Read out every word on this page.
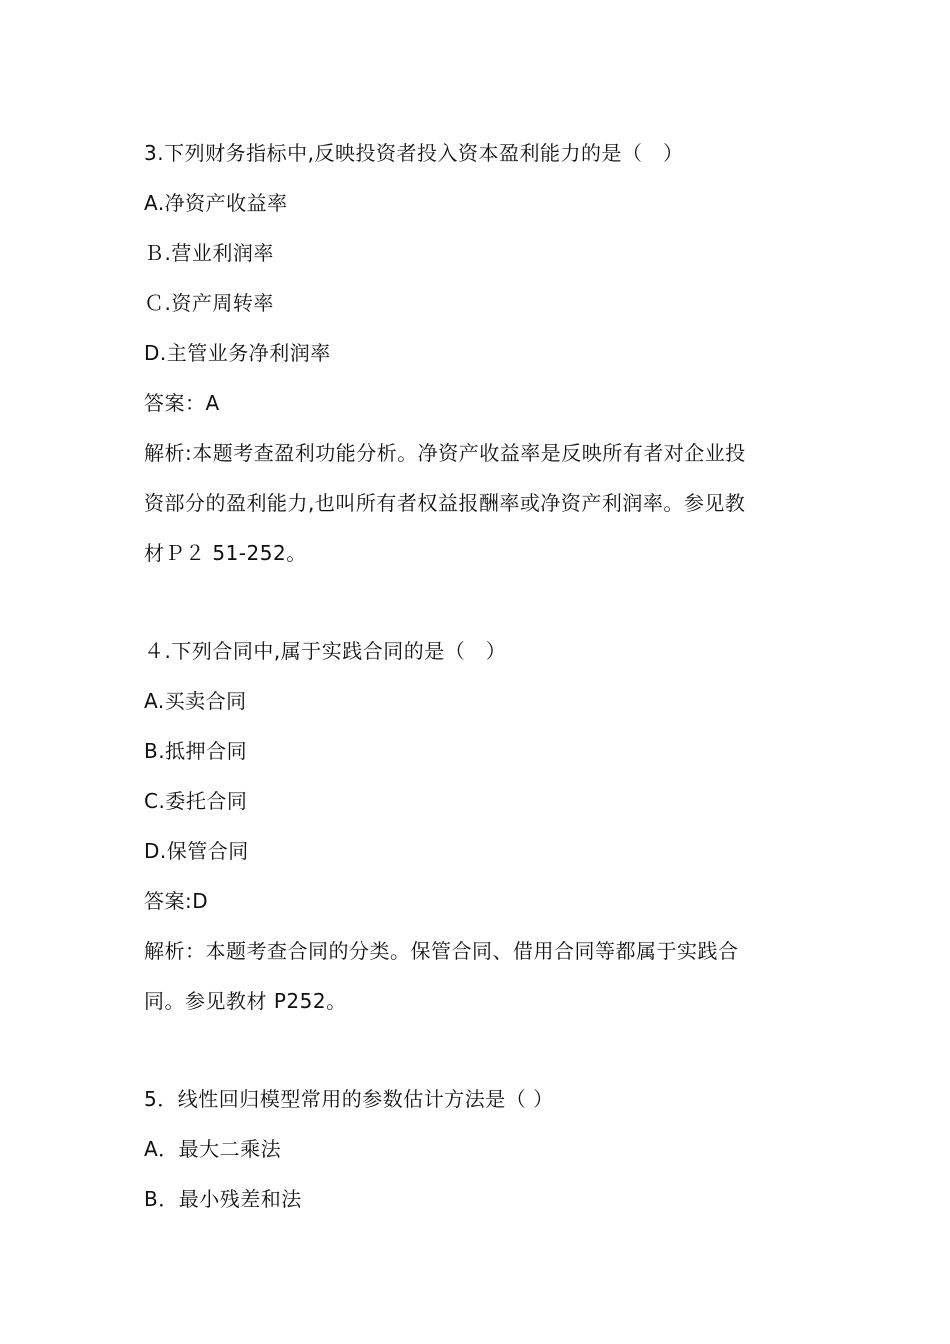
3.下列财务指标中,反映投资者投入资本盈利能力的是（　）
A.净资产收益率
Ｂ.营业利润率
Ｃ.资产周转率
D.主管业务净利润率
答案：A
解析:本题考查盈利功能分析。净资产收益率是反映所有者对企业投
资部分的盈利能力,也叫所有者权益报酬率或净资产利润率。参见教
材Ｐ２ 51-252。
４.下列合同中,属于实践合同的是（　）
A.买卖合同
B.抵押合同
C.委托合同
D.保管合同
答案:D
解析：本题考查合同的分类。保管合同、借用合同等都属于实践合
同。参见教材 P252。
5．线性回归模型常用的参数估计方法是（ ）
A．最大二乘法
B．最小残差和法
